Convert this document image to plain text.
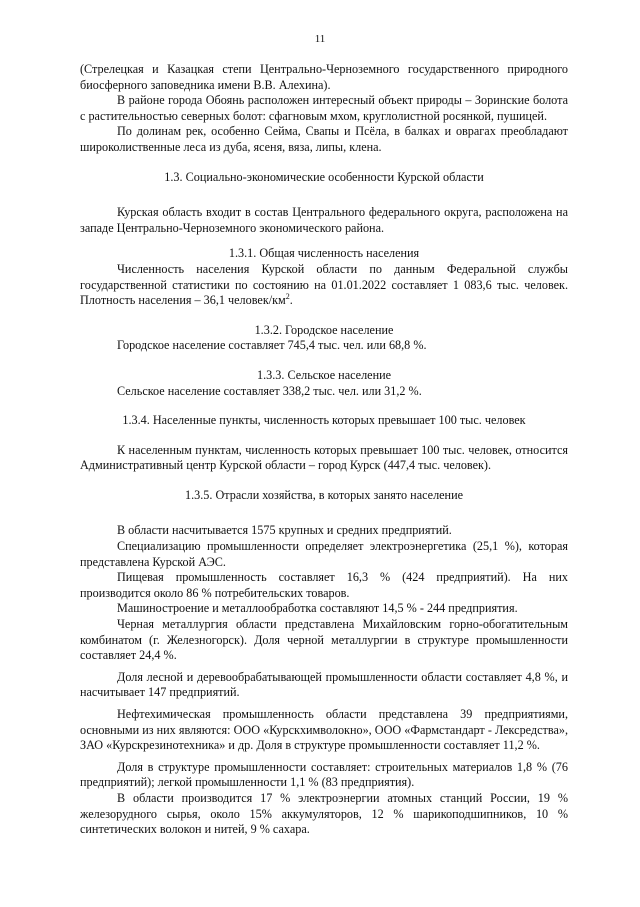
11

(Стрелецкая и Казацкая степи Центрально-Черноземного государственного природного биосферного заповедника имени В.В. Алехина).

В районе города Обоянь расположен интересный объект природы – Зоринские болота с растительностью северных болот: сфагновым мхом, круглолистной росянкой, пушицей.

По долинам рек, особенно Сейма, Свапы и Псёла, в балках и оврагах преобладают широколиственные леса из дуба, ясеня, вяза, липы, клена.

1.3. Социально-экономические особенности Курской области

Курская область входит в состав Центрального федерального округа, расположена на западе Центрально-Черноземного экономического района.

1.3.1. Общая численность населения

Численность населения Курской области по данным Федеральной службы государственной статистики по состоянию на 01.01.2022 составляет 1 083,6 тыс. человек. Плотность населения – 36,1 человек/$км^2$.

1.3.2. Городское население

Городское население составляет 745,4 тыс. чел. или 68,8 %.

1.3.3. Сельское население

Сельское население составляет 338,2 тыс. чел. или 31,2 %.

1.3.4. Населенные пункты, численность которых превышает 100 тыс. человек

К населенным пунктам, численность которых превышает 100 тыс. человек, относится Административный центр Курской области – город Курск (447,4 тыс. человек).

1.3.5. Отрасли хозяйства, в которых занято население

В области насчитывается 1575 крупных и средних предприятий.

Специализацию промышленности определяет электроэнергетика (25,1 %), которая представлена Курской АЭС.

Пищевая промышленность составляет 16,3 % (424 предприятий). На них производится около 86 % потребительских товаров.

Машиностроение и металлообработка составляют 14,5 % - 244 предприятия.

Черная металлургия области представлена Михайловским горно-обогатительным комбинатом (г. Железногорск). Доля черной металлургии в структуре промышленности составляет 24,4 %.

Доля лесной и деревообрабатывающей промышленности области составляет 4,8 %, и насчитывает 147 предприятий.

Нефтехимическая промышленность области представлена 39 предприятиями, основными из них являются: ООО «Курскхимволокно», ООО «Фармстандарт - Лексредства», ЗАО «Курскрезинотехника» и др. Доля в структуре промышленности составляет 11,2 %.

Доля в структуре промышленности составляет: строительных материалов 1,8 % (76 предприятий); легкой промышленности 1,1 % (83 предприятия).

В области производится 17 % электроэнергии атомных станций России, 19 % железорудного сырья, около 15% аккумуляторов, 12 % шарикоподшипников, 10 % синтетических волокон и нитей, 9 % сахара.
